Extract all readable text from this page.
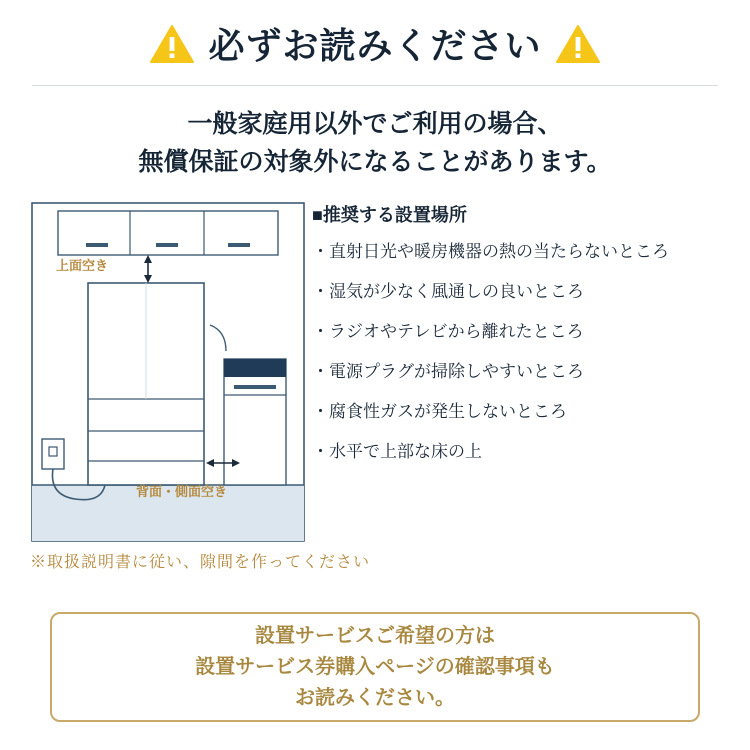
必ずお読みください
一般家庭用以外でご利用の場合、
無償保証の対象外になることがあります。
上面空き
背面・側面空き
※取扱説明書に従い、隙間を作ってください
■推奨する設置場所
・直射日光や暖房機器の熱の当たらないところ
・湿気が少なく風通しの良いところ
・ラジオやテレビから離れたところ
・電源プラグが掃除しやすいところ
・腐食性ガスが発生しないところ
・水平で上部な床の上
設置サービスご希望の方は
設置サービス券購入ページの確認事項も
お読みください。
